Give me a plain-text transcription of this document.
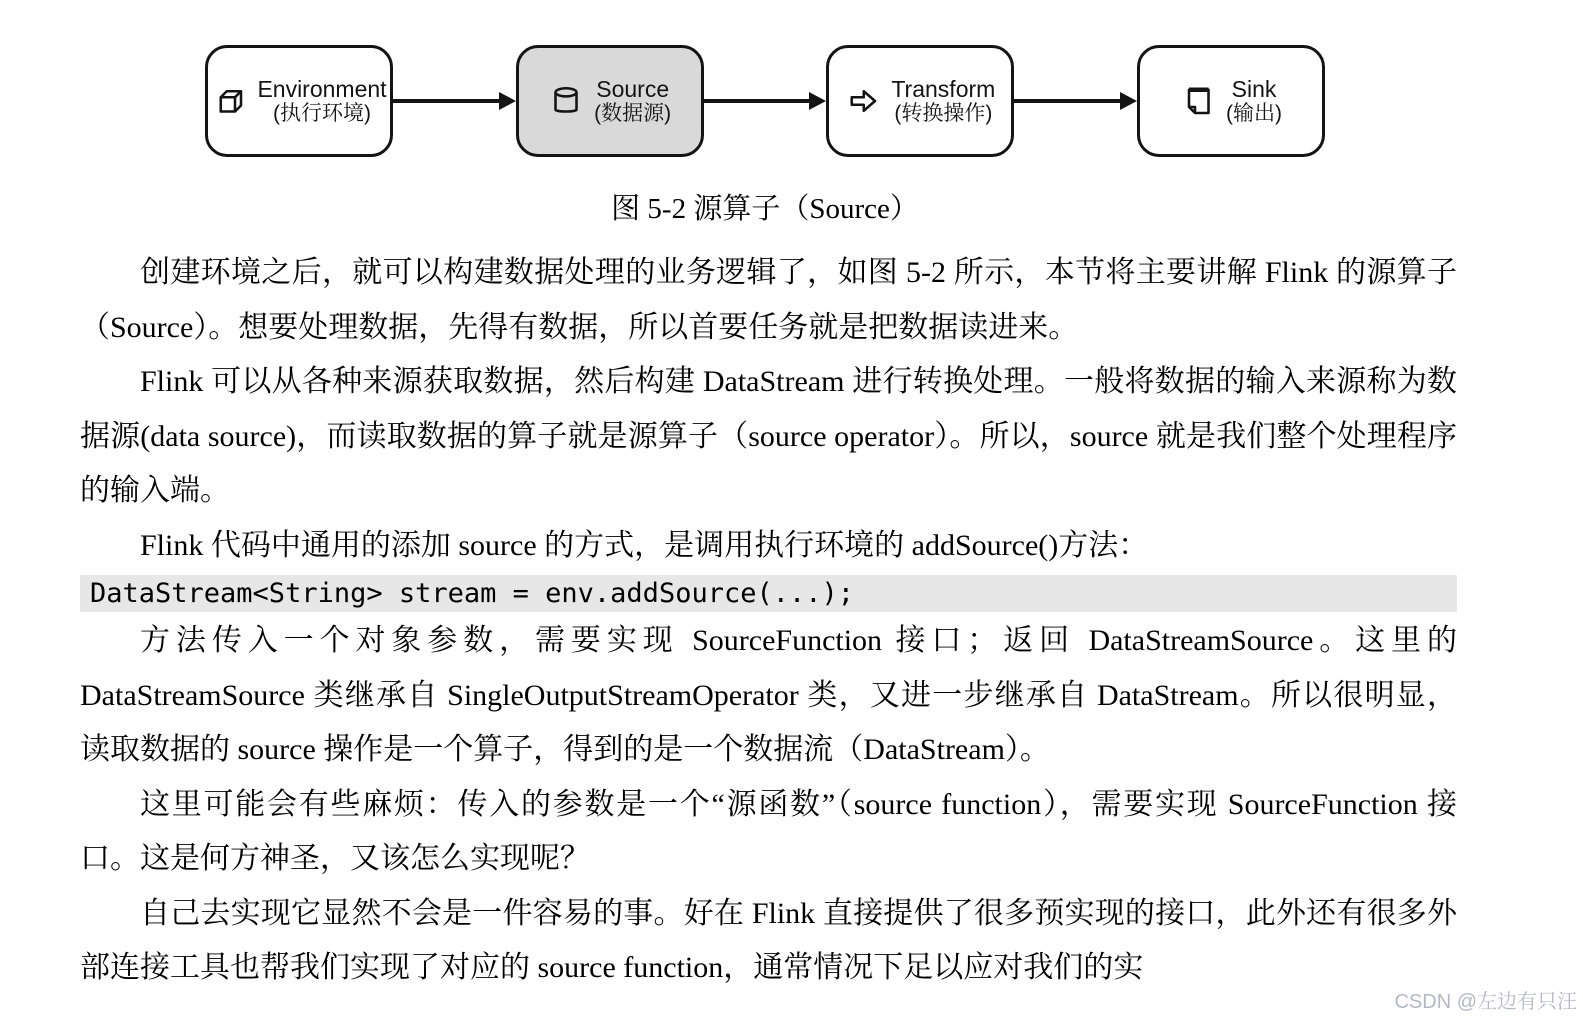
Environment
(执行环境)
Source
(数据源)
Transform
(转换操作)
Sink
(输出)
图 5-2 源算子（Source）

创建环境之后，就可以构建数据处理的业务逻辑了，如图 5-2 所示，本节将主要讲解 Flink 的源算子（Source）。想要处理数据，先得有数据，所以首要任务就是把数据读进来。

Flink 可以从各种来源获取数据，然后构建 DataStream 进行转换处理。一般将数据的输入来源称为数据源(data source)，而读取数据的算子就是源算子（source operator）。所以，source 就是我们整个处理程序的输入端。

Flink 代码中通用的添加 source 的方式，是调用执行环境的 addSource()方法：

DataStream<String> stream = env.addSource(...);

方法传入一个对象参数，需要实现 SourceFunction 接口；返回 DataStreamSource。这里的 DataStreamSource 类继承自 SingleOutputStreamOperator 类，又进一步继承自 DataStream。所以很明显，读取数据的 source 操作是一个算子，得到的是一个数据流（DataStream）。

这里可能会有些麻烦：传入的参数是一个“源函数”（source function），需要实现 SourceFunction 接口。这是何方神圣，又该怎么实现呢？

自己去实现它显然不会是一件容易的事。好在 Flink 直接提供了很多预实现的接口，此外还有很多外部连接工具也帮我们实现了对应的 source function，通常情况下足以应对我们的实

CSDN @左边有只汪
